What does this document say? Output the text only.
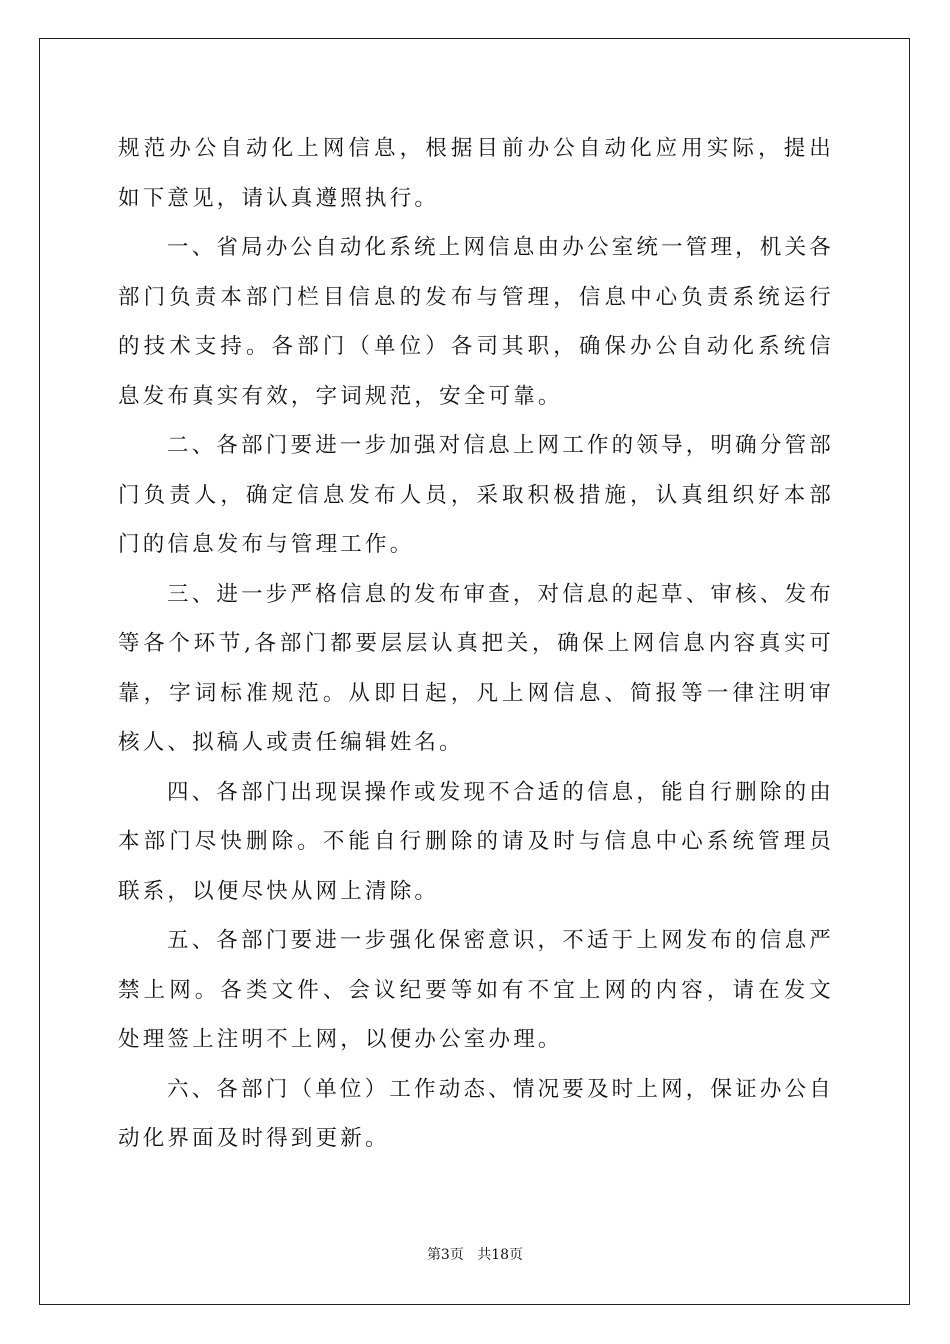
规范办公自动化上网信息，根据目前办公自动化应用实际，提出如下意见，请认真遵照执行。

一、省局办公自动化系统上网信息由办公室统一管理，机关各部门负责本部门栏目信息的发布与管理，信息中心负责系统运行的技术支持。各部门（单位）各司其职，确保办公自动化系统信息发布真实有效，字词规范，安全可靠。

二、各部门要进一步加强对信息上网工作的领导，明确分管部门负责人，确定信息发布人员，采取积极措施，认真组织好本部门的信息发布与管理工作。

三、进一步严格信息的发布审查，对信息的起草、审核、发布等各个环节,各部门都要层层认真把关，确保上网信息内容真实可靠，字词标准规范。从即日起，凡上网信息、简报等一律注明审核人、拟稿人或责任编辑姓名。

四、各部门出现误操作或发现不合适的信息，能自行删除的由本部门尽快删除。不能自行删除的请及时与信息中心系统管理员联系，以便尽快从网上清除。

五、各部门要进一步强化保密意识，不适于上网发布的信息严禁上网。各类文件、会议纪要等如有不宜上网的内容，请在发文处理签上注明不上网，以便办公室办理。

六、各部门（单位）工作动态、情况要及时上网，保证办公自动化界面及时得到更新。

第3页 共18页
